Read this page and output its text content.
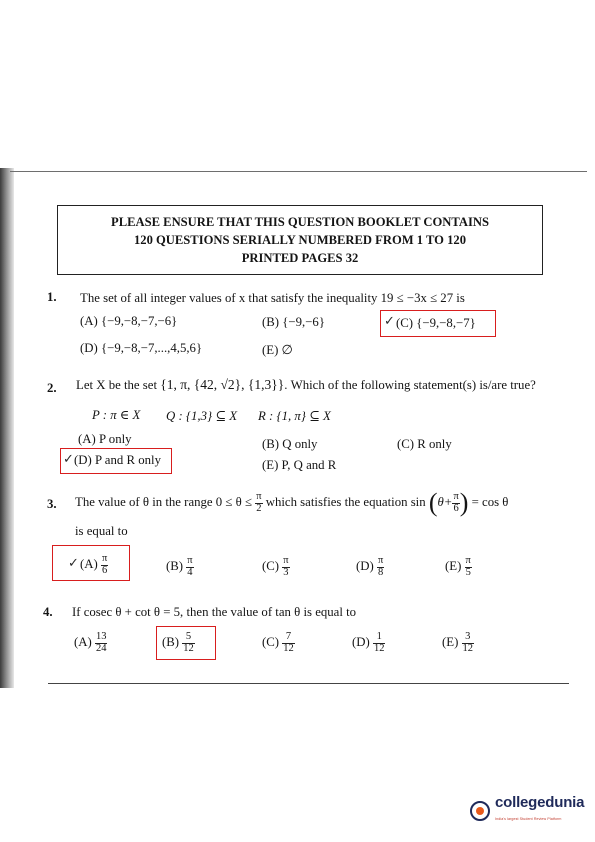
PLEASE ENSURE THAT THIS QUESTION BOOKLET CONTAINS
120 QUESTIONS SERIALLY NUMBERED FROM 1 TO 120
PRINTED PAGES 32
1. The set of all integer values of x that satisfy the inequality 19 ≤ −3x ≤ 27 is
(A) {−9,−8,−7,−6}	(B) {−9,−6}	✓ (C) {−9,−8,−7}
(D) {−9,−8,−7,...,4,5,6}	(E) ∅
2. Let X be the set {1, π, {42, √2}, {1,3}}. Which of the following statement(s) is/are true?
P : π ∈ X Q : {1,3} ⊆ X R : {1, π} ⊆ X
(A) P only	(B) Q only	(C) R only
✓ (D) P and R only	(E) P, Q and R
3. The value of θ in the range $0 \le \theta \le \frac{\pi}{2}$ which satisfies the equation $\sin (\theta+ \frac{\pi}{6}$ ) = cos θ
is equal to
✓ $(A) \frac{\pi}{6}$	$(B) \frac{\pi}{4}$	$(C) \frac{\pi}{3}$	$(D) \frac{\pi}{8}$	$(E) \frac{\pi}{5}$
4. If cosec θ + cot θ = 5, then the value of tan θ is equal to
$(A) \frac{13}{24}$	$(B) \frac{5}{12}$	$(C) \frac{7}{12}$	$(D) \frac{1}{12}$	$(E) \frac{3}{12}$
collegedunia
India's largest Student Review Platform
